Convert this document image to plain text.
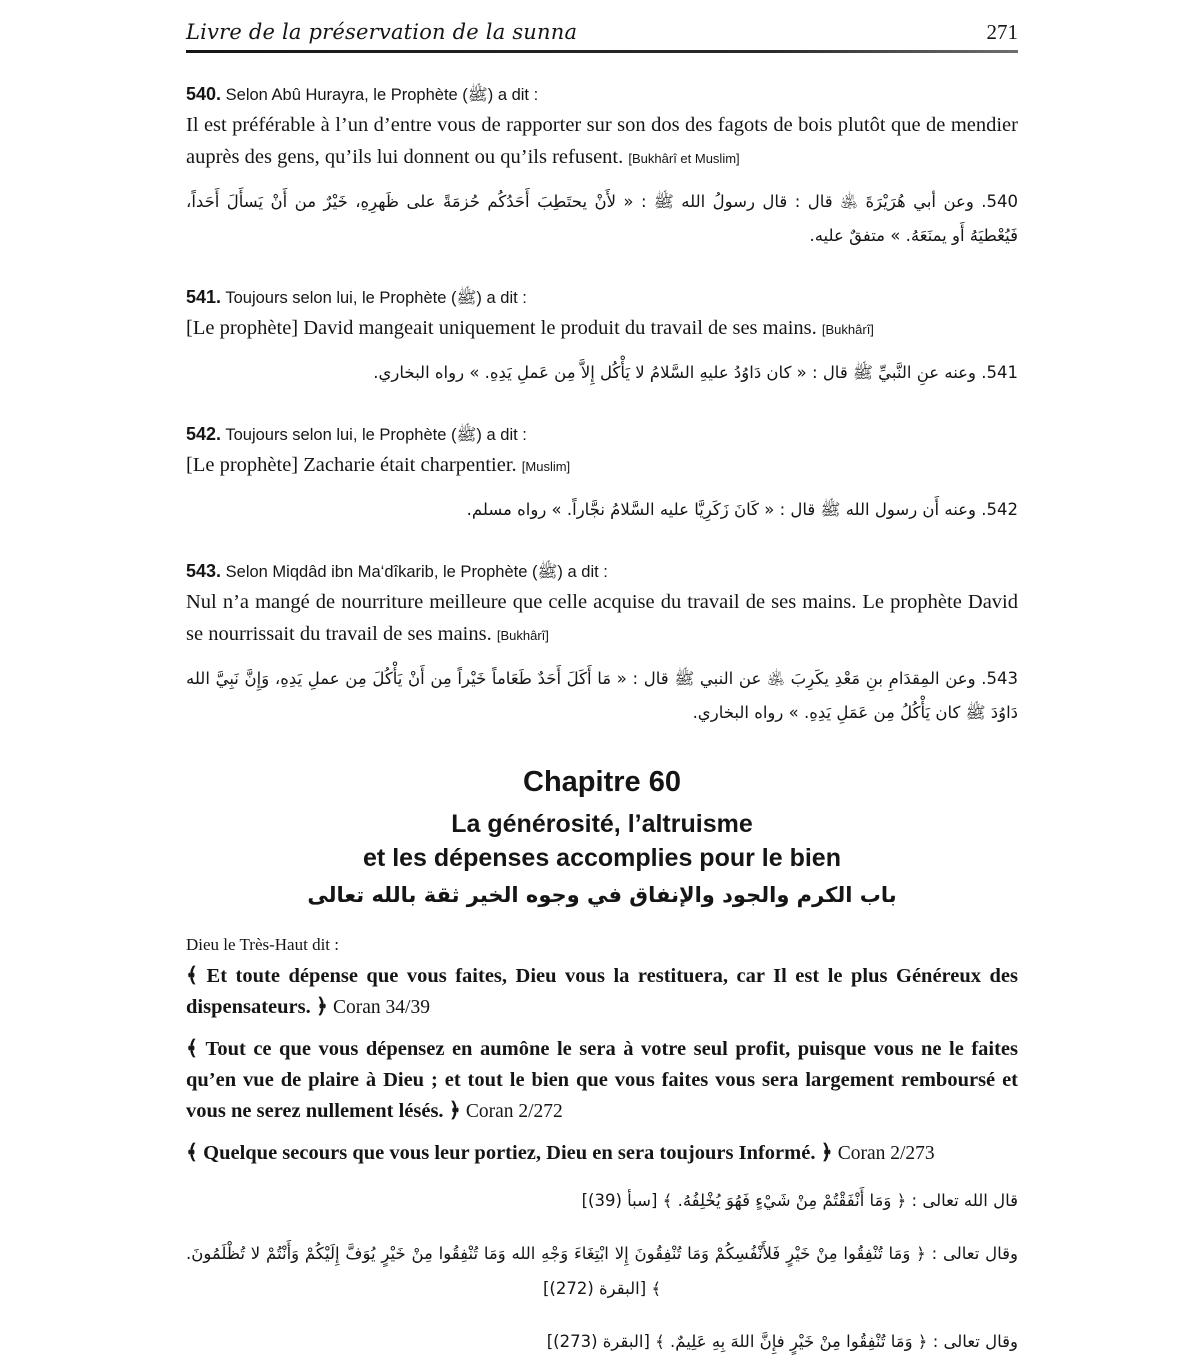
Livre de la préservation de la sunna	271

540. Selon Abû Hurayra, le Prophète (ﷺ) a dit :

Il est préférable à l’un d’entre vous de rapporter sur son dos des fagots de bois plutôt que de mendier auprès des gens, qu’ils lui donnent ou qu’ils refusent. [Bukhârî et Muslim]

540. وعن أبي هُرَيْرَةَ ﵁ قال : قال رسولُ الله ﷺ : « لأَنْ يحتَطِبَ أَحَدُكُم حُزمَةً على ظَهرِهِ، خَيْرٌ من أَنْ يَسأَلَ أَحَداً، فَيُعْطيَهُ أَو يمنَعَهُ. » متفقٌ عليه.

541. Toujours selon lui, le Prophète (ﷺ) a dit :

[Le prophète] David mangeait uniquement le produit du travail de ses mains. [Bukhârî]

541. وعنه عنِ النَّبيِّ ﷺ قال : « كان دَاوُدُ عليهِ السَّلامُ لا يَأْكُل إِلاَّ مِن عَملِ يَدِهِ. » رواه البخاري.

542. Toujours selon lui, le Prophète (ﷺ) a dit :

[Le prophète] Zacharie était charpentier. [Muslim]

542. وعنه أَن رسول الله ﷺ قال : « كَانَ زَكَرِيَّا عليه السَّلامُ نجَّاراً. » رواه مسلم.

543. Selon Miqdâd ibn Ma‘dîkarib, le Prophète (ﷺ) a dit :

Nul n’a mangé de nourriture meilleure que celle acquise du travail de ses mains. Le prophète David se nourrissait du travail de ses mains. [Bukhârî]

543. وعن المِقدَامِ بنِ مَعْدِ يكَرِبَ ﵁ عن النبي ﷺ قال : « مَا أَكَلَ أَحَدٌ طَعَاماً خَيْراً مِن أَنْ يَأْكُلَ مِن عملِ يَدِهِ، وَإِنَّ نَبِيَّ الله دَاوُدَ ﷺ كان يَأْكُلُ مِن عَمَلِ يَدِهِ. » رواه البخاري.

Chapitre 60
La générosité, l’altruisme
et les dépenses accomplies pour le bien
باب الكرم والجود والإنفاق في وجوه الخير ثقة بالله تعالى

Dieu le Très-Haut dit :

﴾ Et toute dépense que vous faites, Dieu vous la restituera, car Il est le plus Généreux des dispensateurs. ﴿ Coran 34/39

﴾ Tout ce que vous dépensez en aumône le sera à votre seul profit, puisque vous ne le faites qu’en vue de plaire à Dieu ; et tout le bien que vous faites vous sera largement remboursé et vous ne serez nullement lésés. ﴿ Coran 2/272

﴾ Quelque secours que vous leur portiez, Dieu en sera toujours Informé. ﴿ Coran 2/273

قال الله تعالى : ﴿ وَمَا أَنْفَقْتُمْ مِنْ شَيْءٍ فَهُوَ يُخْلِفُهُ. ﴾ [سبأ (39)]

وقال تعالى : ﴿ وَمَا تُنْفِقُوا مِنْ خَيْرٍ فَلأَنْفُسِكُمْ وَمَا تُنْفِقُونَ إِلا ابْتِغَاءَ وَجْهِ الله وَمَا تُنْفِقُوا مِنْ خَيْرٍ يُوَفَّ إِلَيْكُمْ وَأَنْتُمْ لا تُظْلَمُونَ. ﴾ [البقرة (272)]

وقال تعالى : ﴿ وَمَا تُنْفِقُوا مِنْ خَيْرٍ فإِنَّ اللهَ بِهِ عَلِيمٌ. ﴾ [البقرة (273)]
